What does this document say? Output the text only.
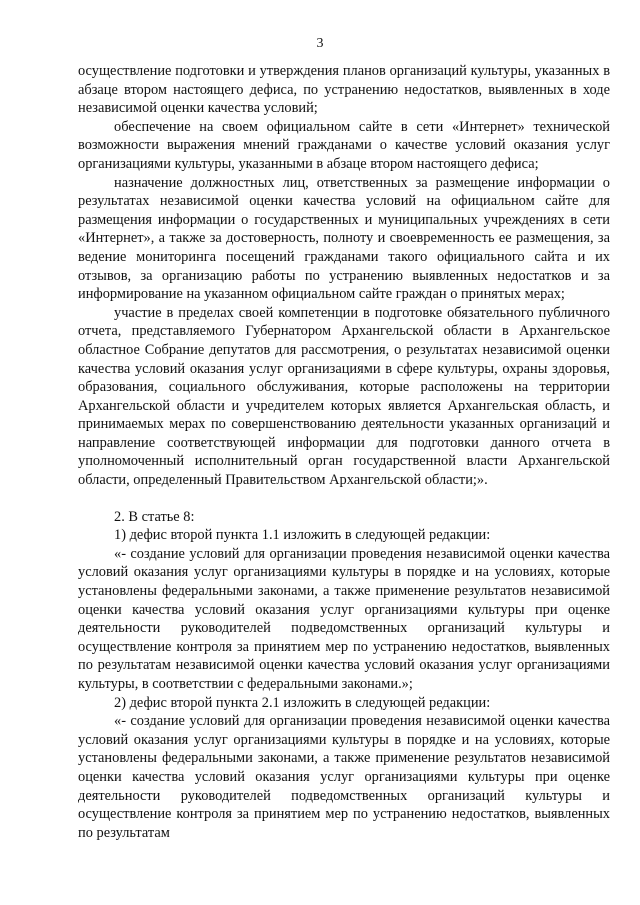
3

осуществление подготовки и утверждения планов организаций культуры, указанных в абзаце втором настоящего дефиса, по устранению недостатков, выявленных в ходе независимой оценки качества условий;

обеспечение на своем официальном сайте в сети «Интернет» технической возможности выражения мнений гражданами о качестве условий оказания услуг организациями культуры, указанными в абзаце втором настоящего дефиса;

назначение должностных лиц, ответственных за размещение информации о результатах независимой оценки качества условий на официальном сайте для размещения информации о государственных и муниципальных учреждениях в сети «Интернет», а также за достоверность, полноту и своевременность ее размещения, за ведение мониторинга посещений гражданами такого официального сайта и их отзывов, за организацию работы по устранению выявленных недостатков и за информирование на указанном официальном сайте граждан о принятых мерах;

участие в пределах своей компетенции в подготовке обязательного публичного отчета, представляемого Губернатором Архангельской области в Архангельское областное Собрание депутатов для рассмотрения, о результатах независимой оценки качества условий оказания услуг организациями в сфере культуры, охраны здоровья, образования, социального обслуживания, которые расположены на территории Архангельской области и учредителем которых является Архангельская область, и принимаемых мерах по совершенствованию деятельности указанных организаций и направление соответствующей информации для подготовки данного отчета в уполномоченный исполнительный орган государственной власти Архангельской области, определенный Правительством Архангельской области;».

2. В статье 8:

1) дефис второй пункта 1.1 изложить в следующей редакции:

«- создание условий для организации проведения независимой оценки качества условий оказания услуг организациями культуры в порядке и на условиях, которые установлены федеральными законами, а также применение результатов независимой оценки качества условий оказания услуг организациями культуры при оценке деятельности руководителей подведомственных организаций культуры и осуществление контроля за принятием мер по устранению недостатков, выявленных по результатам независимой оценки качества условий оказания услуг организациями культуры, в соответствии с федеральными законами.»;

2) дефис второй пункта 2.1 изложить в следующей редакции:

«- создание условий для организации проведения независимой оценки качества условий оказания услуг организациями культуры в порядке и на условиях, которые установлены федеральными законами, а также применение результатов независимой оценки качества условий оказания услуг организациями культуры при оценке деятельности руководителей подведомственных организаций культуры и осуществление контроля за принятием мер по устранению недостатков, выявленных по результатам
